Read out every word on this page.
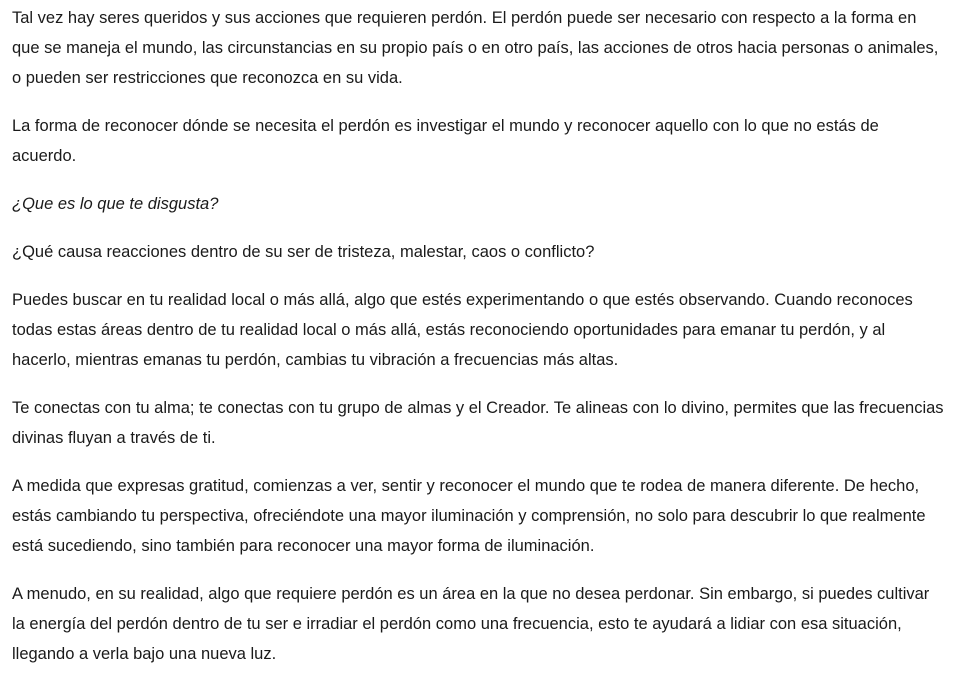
Tal vez hay seres queridos y sus acciones que requieren perdón. El perdón puede ser necesario con respecto a la forma en que se maneja el mundo, las circunstancias en su propio país o en otro país, las acciones de otros hacia personas o animales, o pueden ser restricciones que reconozca en su vida.

La forma de reconocer dónde se necesita el perdón es investigar el mundo y reconocer aquello con lo que no estás de acuerdo.

¿Que es lo que te disgusta?

¿Qué causa reacciones dentro de su ser de tristeza, malestar, caos o conflicto?

Puedes buscar en tu realidad local o más allá, algo que estés experimentando o que estés observando. Cuando reconoces todas estas áreas dentro de tu realidad local o más allá, estás reconociendo oportunidades para emanar tu perdón, y al hacerlo, mientras emanas tu perdón, cambias tu vibración a frecuencias más altas.

Te conectas con tu alma; te conectas con tu grupo de almas y el Creador. Te alineas con lo divino, permites que las frecuencias divinas fluyan a través de ti.

A medida que expresas gratitud, comienzas a ver, sentir y reconocer el mundo que te rodea de manera diferente. De hecho, estás cambiando tu perspectiva, ofreciéndote una mayor iluminación y comprensión, no solo para descubrir lo que realmente está sucediendo, sino también para reconocer una mayor forma de iluminación.

A menudo, en su realidad, algo que requiere perdón es un área en la que no desea perdonar. Sin embargo, si puedes cultivar la energía del perdón dentro de tu ser e irradiar el perdón como una frecuencia, esto te ayudará a lidiar con esa situación, llegando a verla bajo una nueva luz.
